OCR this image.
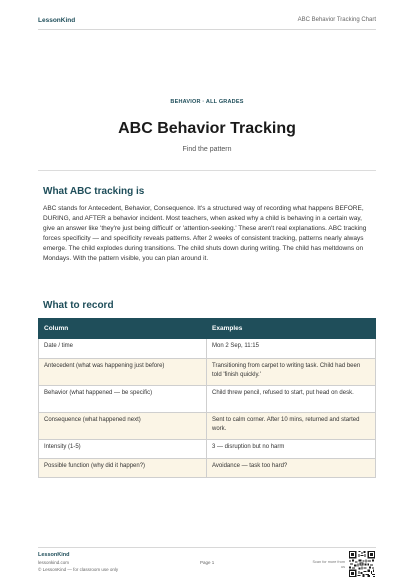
LessonKind	ABC Behavior Tracking Chart
BEHAVIOR · ALL GRADES
ABC Behavior Tracking
Find the pattern
What ABC tracking is

ABC stands for Antecedent, Behavior, Consequence. It's a structured way of recording what happens BEFORE, DURING, and AFTER a behavior incident. Most teachers, when asked why a child is behaving in a certain way, give an answer like 'they're just being difficult' or 'attention-seeking.' These aren't real explanations. ABC tracking forces specificity — and specificity reveals patterns. After 2 weeks of consistent tracking, patterns nearly always emerge. The child explodes during transitions. The child shuts down during writing. The child has meltdowns on Mondays. With the pattern visible, you can plan around it.

What to record
Column	Examples
Date / time	Mon 2 Sep, 11:15
Antecedent (what was happening just before)	Transitioning from carpet to writing task. Child had been told 'finish quickly.'
Behavior (what happened — be specific)	Child threw pencil, refused to start, put head on desk.
Consequence (what happened next)	Sent to calm corner. After 10 mins, returned and started work.
Intensity (1-5)	3 — disruption but no harm
Possible function (why did it happen?)	Avoidance — task too hard?
LessonKind
lessonkind.com
© LessonKind — for classroom use only
Page 1	Scan for more from us
